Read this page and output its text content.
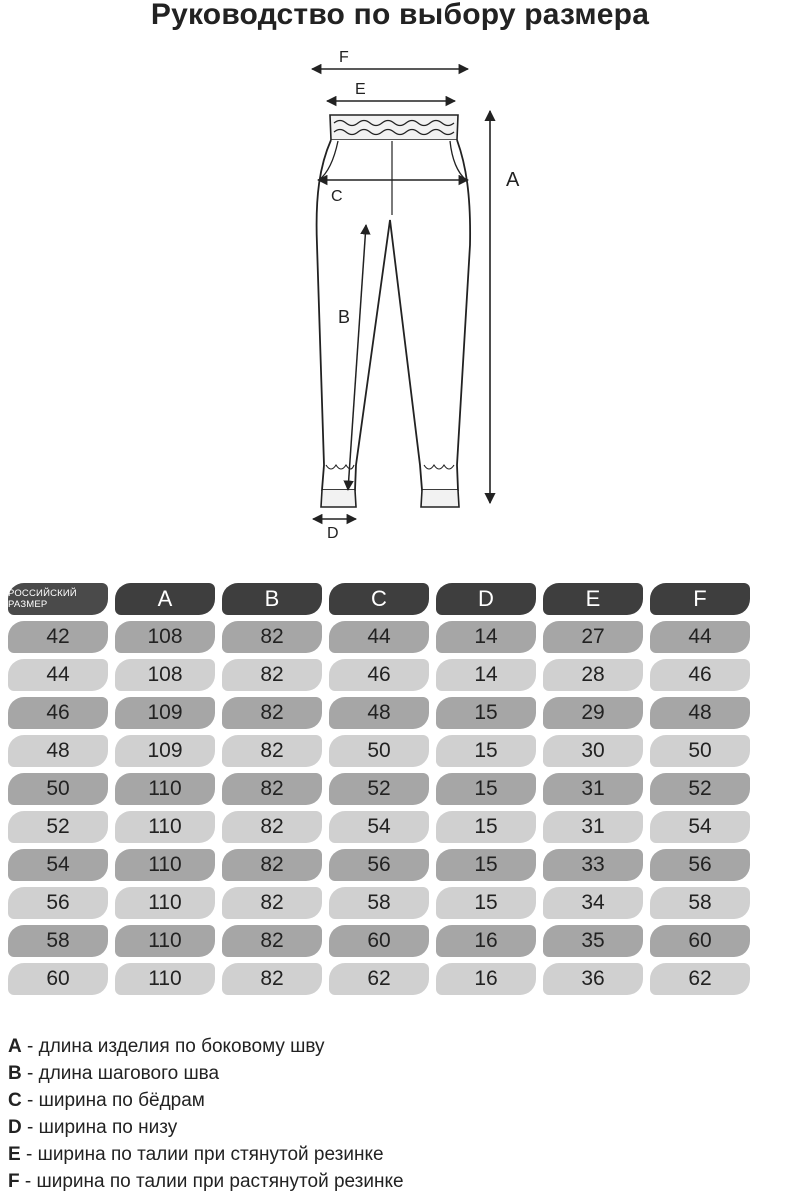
Руководство по выбору размера
F
E
A
C
B
D
РОССИЙСКИЙ РАЗМЕР	A	B	C	D	E	F
42	108	82	44	14	27	44
44	108	82	46	14	28	46
46	109	82	48	15	29	48
48	109	82	50	15	30	50
50	110	82	52	15	31	52
52	110	82	54	15	31	54
54	110	82	56	15	33	56
56	110	82	58	15	34	58
58	110	82	60	16	35	60
60	110	82	62	16	36	62
A - длина изделия по боковому шву
B - длина шагового шва
C - ширина по бёдрам
D - ширина по низу
E - ширина по талии при стянутой резинке
F - ширина по талии при растянутой резинке
